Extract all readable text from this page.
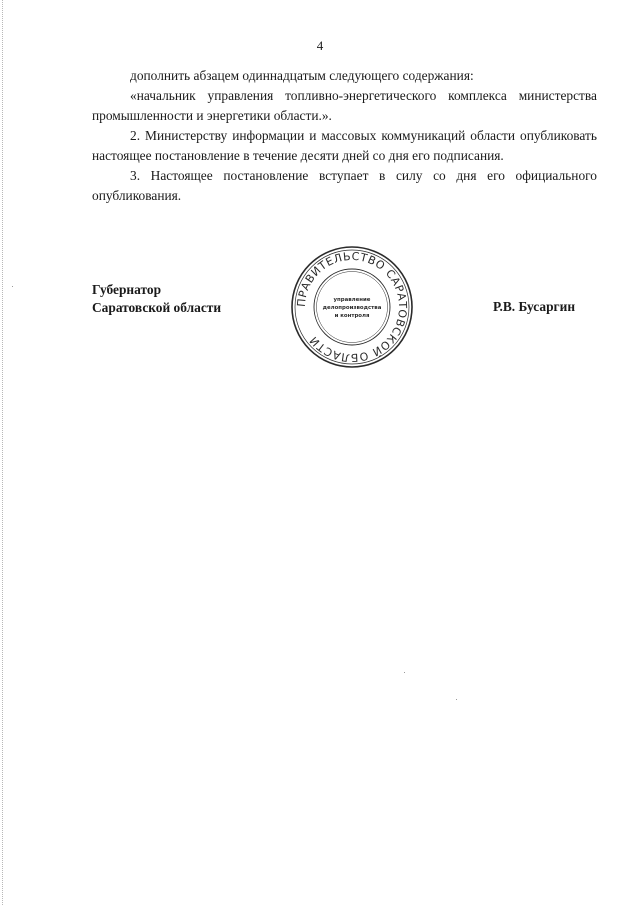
4

дополнить абзацем одиннадцатым следующего содержания:

«начальник управления топливно-энергетического комплекса министерства промышленности и энергетики области.».

2. Министерству информации и массовых коммуникаций области опубликовать настоящее постановление в течение десяти дней со дня его подписания.

3. Настоящее постановление вступает в силу со дня его официального опубликования.

Губернатор
Саратовской области	ПРАВИТЕЛЬСТВО САРАТОВСКОЙ ОБЛАСТИ
управление
делопроизводства
и контроля
Р.В. Бусаргин
